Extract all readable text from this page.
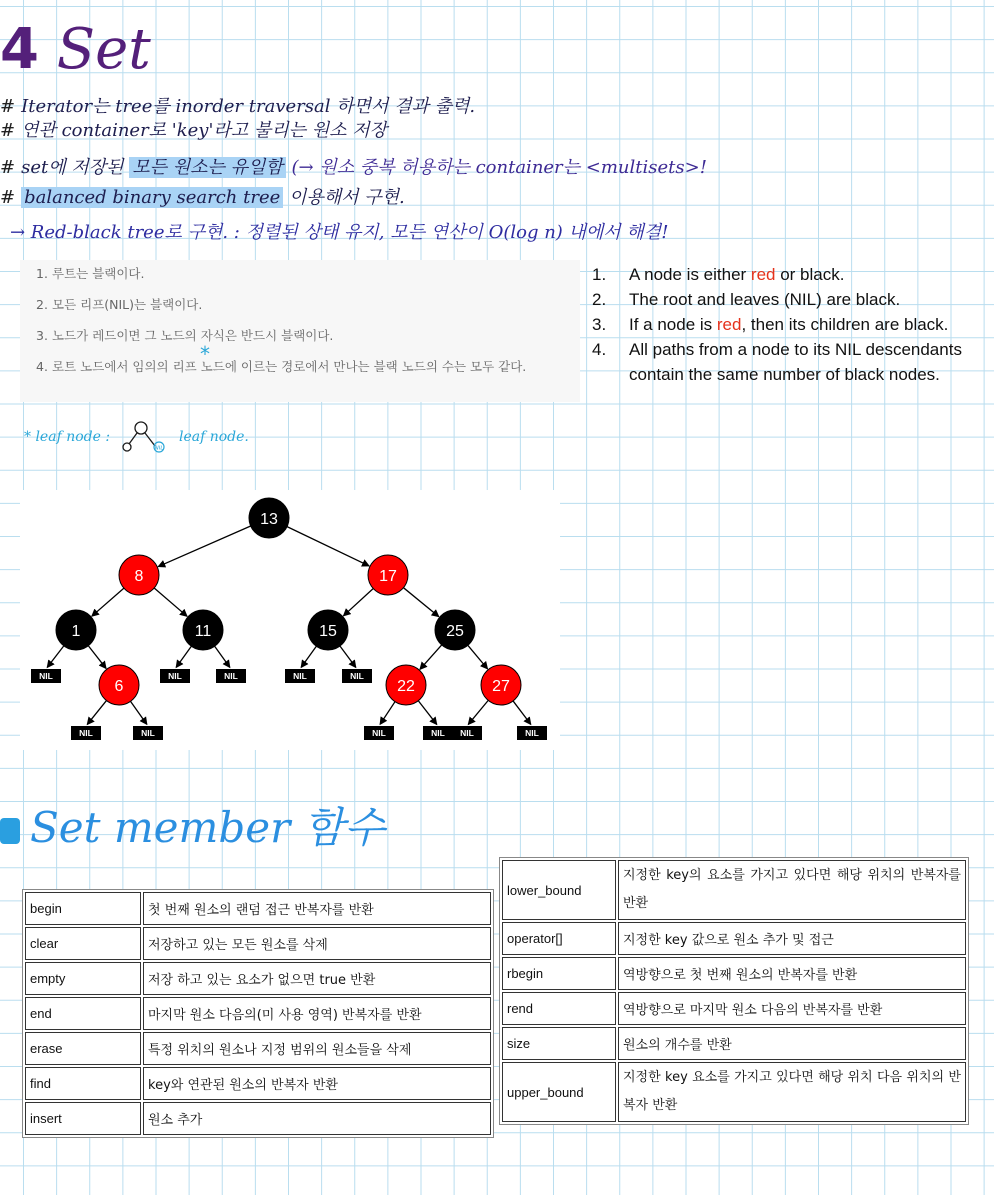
4 Set
# Iterator는 tree를 inorder traversal 하면서 결과 출력.
# 연관 container로 'key'라고 불리는 원소 저장
# set에 저장된 모든 원소는 유일함 (→ 원소 중복 허용하는 container는 <multisets>!
# balanced binary search tree 이용해서 구현.
→ Red-black tree로 구현. : 정렬된 상태 유지, 모든 연산이 O(log n) 내에서 해결!
1. 루트는 블랙이다.
2. 모든 리프(NIL)는 블랙이다.
3. 노드가 레드이면 그 노드의 자식은 반드시 블랙이다.
4. 로트 노드에서 임의의 리프 노드에 이르는 경로에서 만나는 블랙 노드의 수는 모두 같다.
*
1.	A node is either red or black.
2.	The root and leaves (NIL) are black.
3.	If a node is red, then its children are black.
4.	All paths from a node to its NIL descendants contain the same number of black nodes.
* leaf node :
NIL
leaf node.
13
8	17
1	11	15	25
6	22	27
NIL	NIL	NIL	NIL	NIL
NIL	NIL	NIL	NIL NIL	NIL
Set member 함수
begin	첫 번째 원소의 랜덤 접근 반복자를 반환
clear	저장하고 있는 모든 원소를 삭제
empty	저장 하고 있는 요소가 없으면 true 반환
end	마지막 원소 다음의(미 사용 영역) 반복자를 반환
erase	특정 위치의 원소나 지정 범위의 원소들을 삭제
find	key와 연관된 원소의 반복자 반환
insert	원소 추가
lower_bound	지정한 key의 요소를 가지고 있다면 해당 위치의 반복자를 반환
operator[]	지정한 key 값으로 원소 추가 및 접근
rbegin	역방향으로 첫 번째 원소의 반복자를 반환
rend	역방향으로 마지막 원소 다음의 반복자를 반환
size	원소의 개수를 반환
upper_bound	지정한 key 요소를 가지고 있다면 해당 위치 다음 위치의 반복자 반환
